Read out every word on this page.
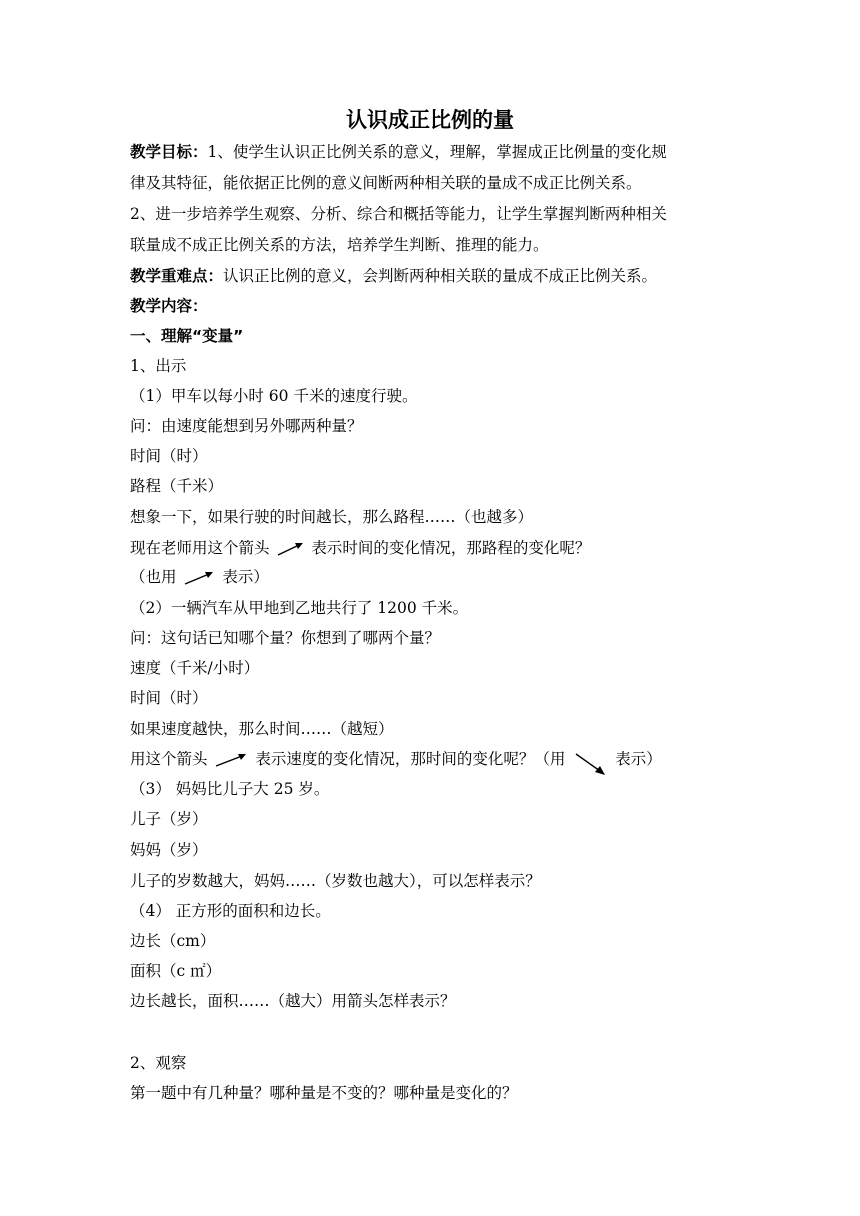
认识成正比例的量
教学目标：1、使学生认识正比例关系的意义，理解，掌握成正比例量的变化规
律及其特征，能依据正比例的意义间断两种相关联的量成不成正比例关系。
2、进一步培养学生观察、分析、综合和概括等能力，让学生掌握判断两种相关
联量成不成正比例关系的方法，培养学生判断、推理的能力。
教学重难点：认识正比例的意义，会判断两种相关联的量成不成正比例关系。
教学内容：
一、理解“变量”
1、出示
（1）甲车以每小时 60 千米的速度行驶。
问：由速度能想到另外哪两种量？
时间（时）
路程（千米）
想象一下，如果行驶的时间越长，那么路程……（也越多）
现在老师用这个箭头	表示时间的变化情况，那路程的变化呢？
（也用	表示）
（2）一辆汽车从甲地到乙地共行了 1200 千米。
问：这句话已知哪个量？你想到了哪两个量？
速度（千米/小时）
时间（时）
如果速度越快，那么时间……（越短）
用这个箭头	表示速度的变化情况，那时间的变化呢？（用	表示）
（3） 妈妈比儿子大 25 岁。
儿子（岁）
妈妈（岁）
儿子的岁数越大，妈妈……（岁数也越大），可以怎样表示？
（4） 正方形的面积和边长。
边长（cm）
面积（c ㎡）
边长越长，面积……（越大）用箭头怎样表示？
2、观察
第一题中有几种量？哪种量是不变的？哪种量是变化的？
